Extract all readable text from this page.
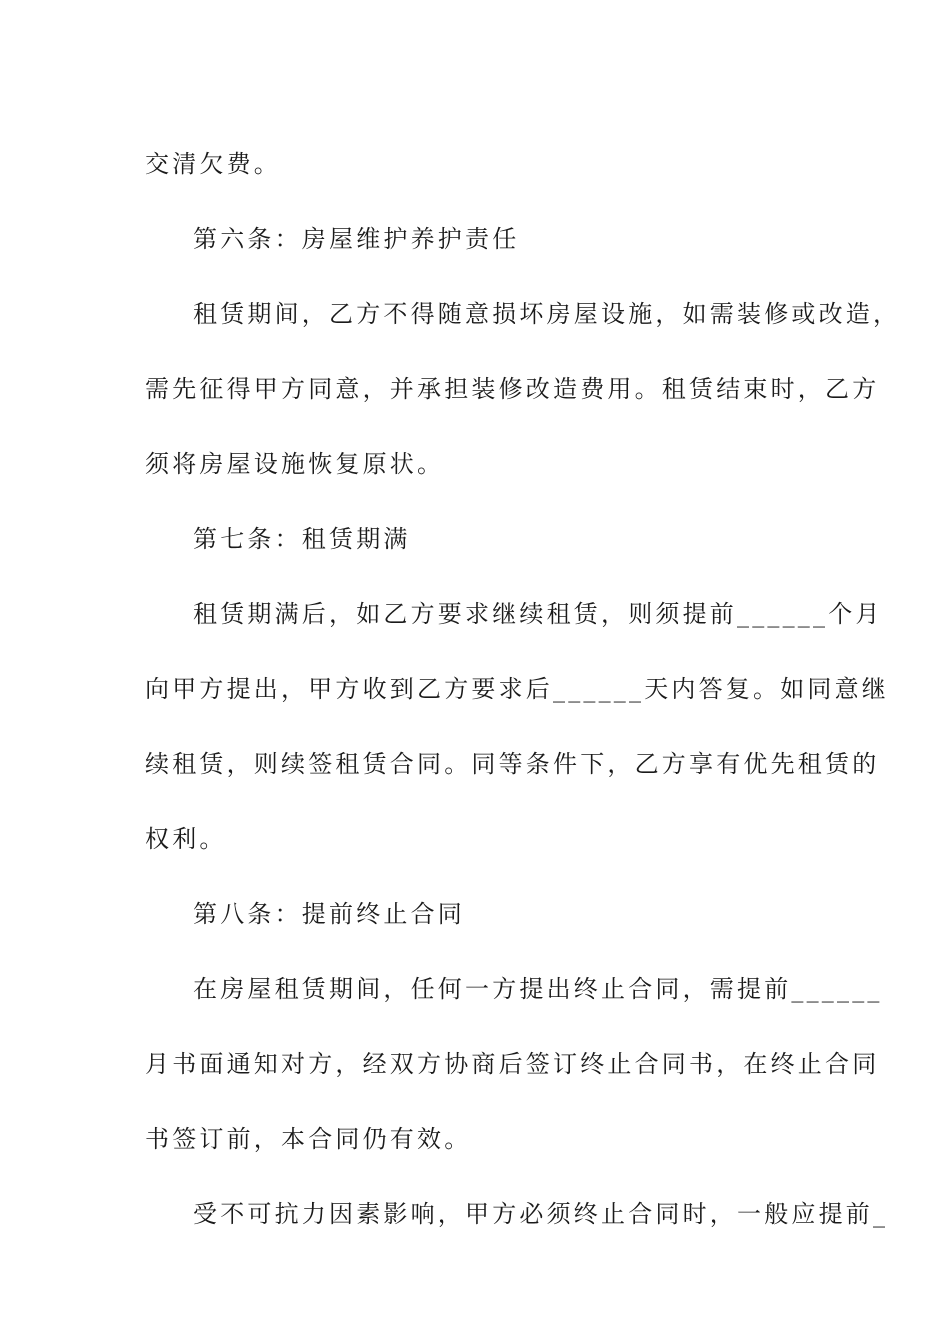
交清欠费。
第六条：房屋维护养护责任
租赁期间，乙方不得随意损坏房屋设施，如需装修或改造，
需先征得甲方同意，并承担装修改造费用。租赁结束时，乙方
须将房屋设施恢复原状。
第七条：租赁期满
租赁期满后，如乙方要求继续租赁，则须提前______个月
向甲方提出，甲方收到乙方要求后______天内答复。如同意继
续租赁，则续签租赁合同。同等条件下，乙方享有优先租赁的
权利。
第八条：提前终止合同
在房屋租赁期间，任何一方提出终止合同，需提前______
月书面通知对方，经双方协商后签订终止合同书，在终止合同
书签订前，本合同仍有效。
受不可抗力因素影响，甲方必须终止合同时，一般应提前_
